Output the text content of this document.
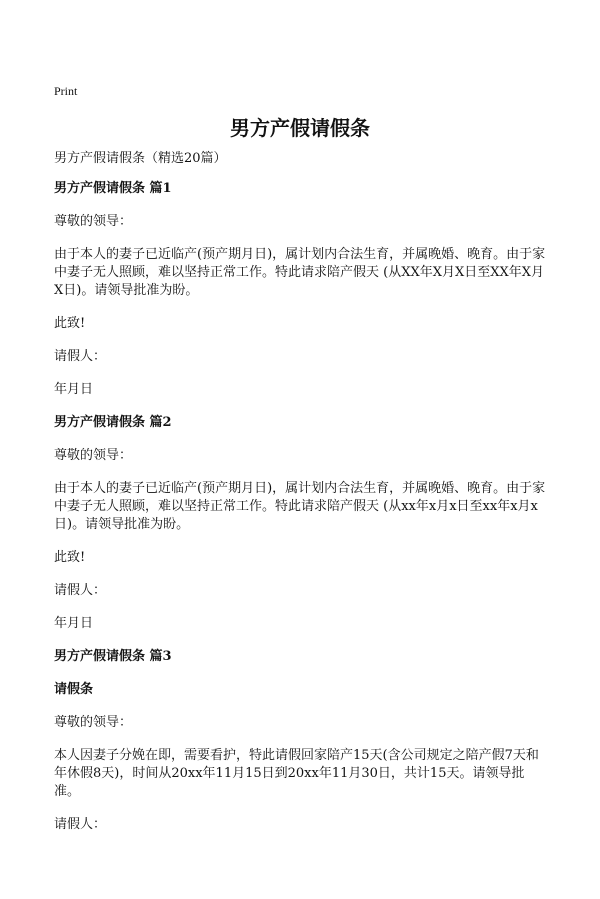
Print
男方产假请假条
男方产假请假条（精选20篇）
男方产假请假条 篇1
尊敬的领导：
由于本人的妻子已近临产(预产期月日)，属计划内合法生育，并属晚婚、晚育。由于家中妻子无人照顾，难以坚持正常工作。特此请求陪产假天 (从XX年X月X日至XX年X月X日)。请领导批准为盼。
此致!
请假人：
年月日
男方产假请假条 篇2
尊敬的领导：
由于本人的妻子已近临产(预产期月日)，属计划内合法生育，并属晚婚、晚育。由于家中妻子无人照顾，难以坚持正常工作。特此请求陪产假天 (从xx年x月x日至xx年x月x日)。请领导批准为盼。
此致!
请假人：
年月日
男方产假请假条 篇3
请假条
尊敬的领导：
本人因妻子分娩在即，需要看护，特此请假回家陪产15天(含公司规定之陪产假7天和年休假8天)，时间从20xx年11月15日到20xx年11月30日，共计15天。请领导批准。
请假人：
